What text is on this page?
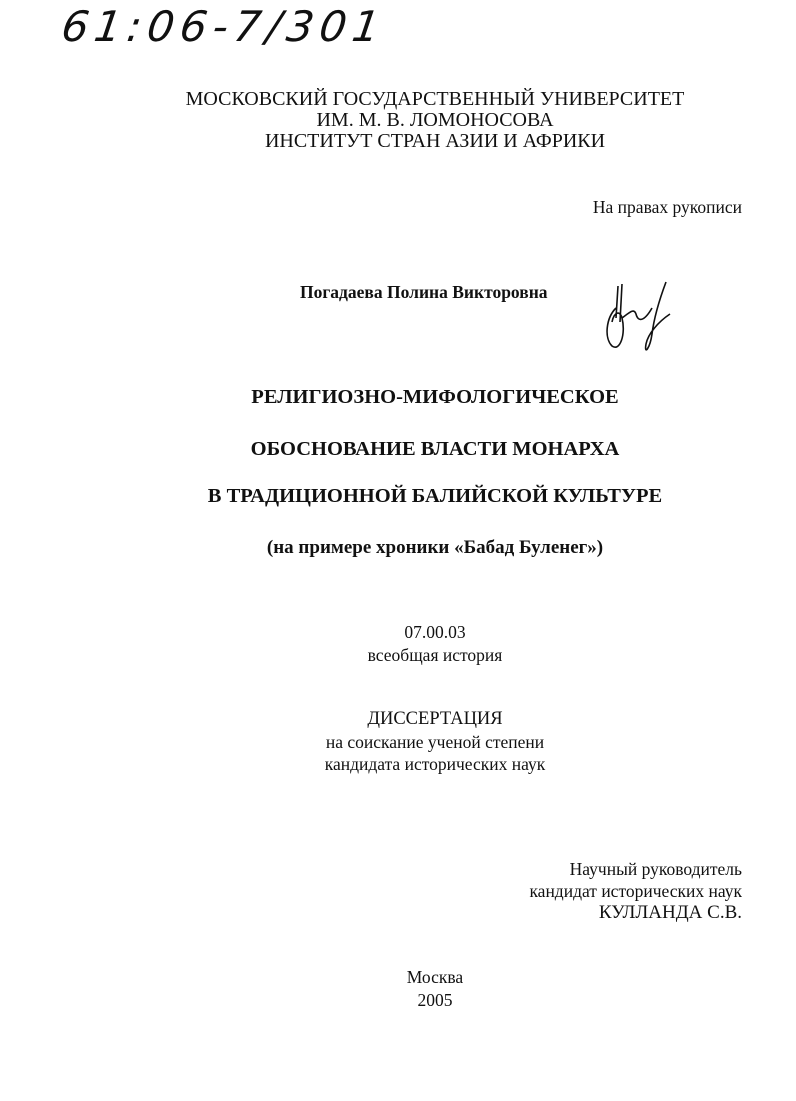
61:06-7/301
МОСКОВСКИЙ ГОСУДАРСТВЕННЫЙ УНИВЕРСИТЕТ
ИМ. М. В. ЛОМОНОСОВА
ИНСТИТУТ СТРАН АЗИИ И АФРИКИ
На правах рукописи
Погадаева Полина Викторовна
РЕЛИГИОЗНО-МИФОЛОГИЧЕСКОЕ
ОБОСНОВАНИЕ ВЛАСТИ МОНАРХА
В ТРАДИЦИОННОЙ БАЛИЙСКОЙ КУЛЬТУРЕ
(на примере хроники «Бабад Буленег»)
07.00.03
всеобщая история
ДИССЕРТАЦИЯ
на соискание ученой степени
кандидата исторических наук
Научный руководитель
кандидат исторических наук
КУЛЛАНДА С.В.
Москва
2005
